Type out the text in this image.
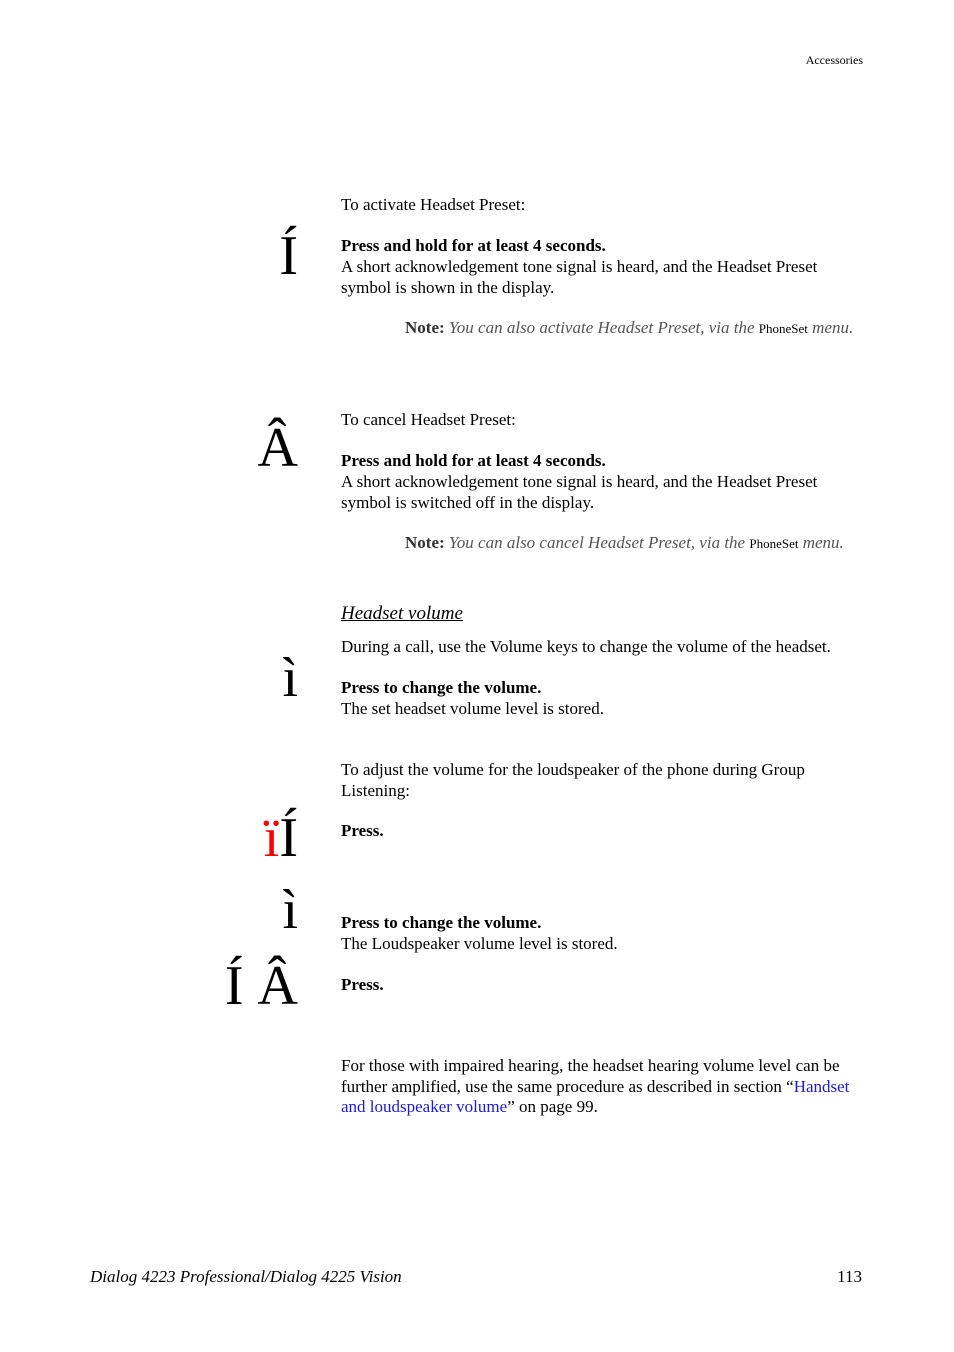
Accessories
To activate Headset Preset:
Í	Press and hold for at least 4 seconds.
A short acknowledgement tone signal is heard, and the Headset Preset symbol is shown in the display.
Note: You can also activate Headset Preset, via the PhoneSet menu.
To cancel Headset Preset:
Â	Press and hold for at least 4 seconds.
A short acknowledgement tone signal is heard, and the Headset Preset symbol is switched off in the display.
Note: You can also cancel Headset Preset, via the PhoneSet menu.
Headset volume
During a call, use the Volume keys to change the volume of the headset.
ì	Press to change the volume.
The set headset volume level is stored.
To adjust the volume for the loudspeaker of the phone during Group Listening:
ïÍ	Press.
ì	Press to change the volume.
The Loudspeaker volume level is stored.
Í Â	Press.
For those with impaired hearing, the headset hearing volume level can be further amplified, use the same procedure as described in section “Handset and loudspeaker volume” on page 99.
Dialog 4223 Professional/Dialog 4225 Vision	113
